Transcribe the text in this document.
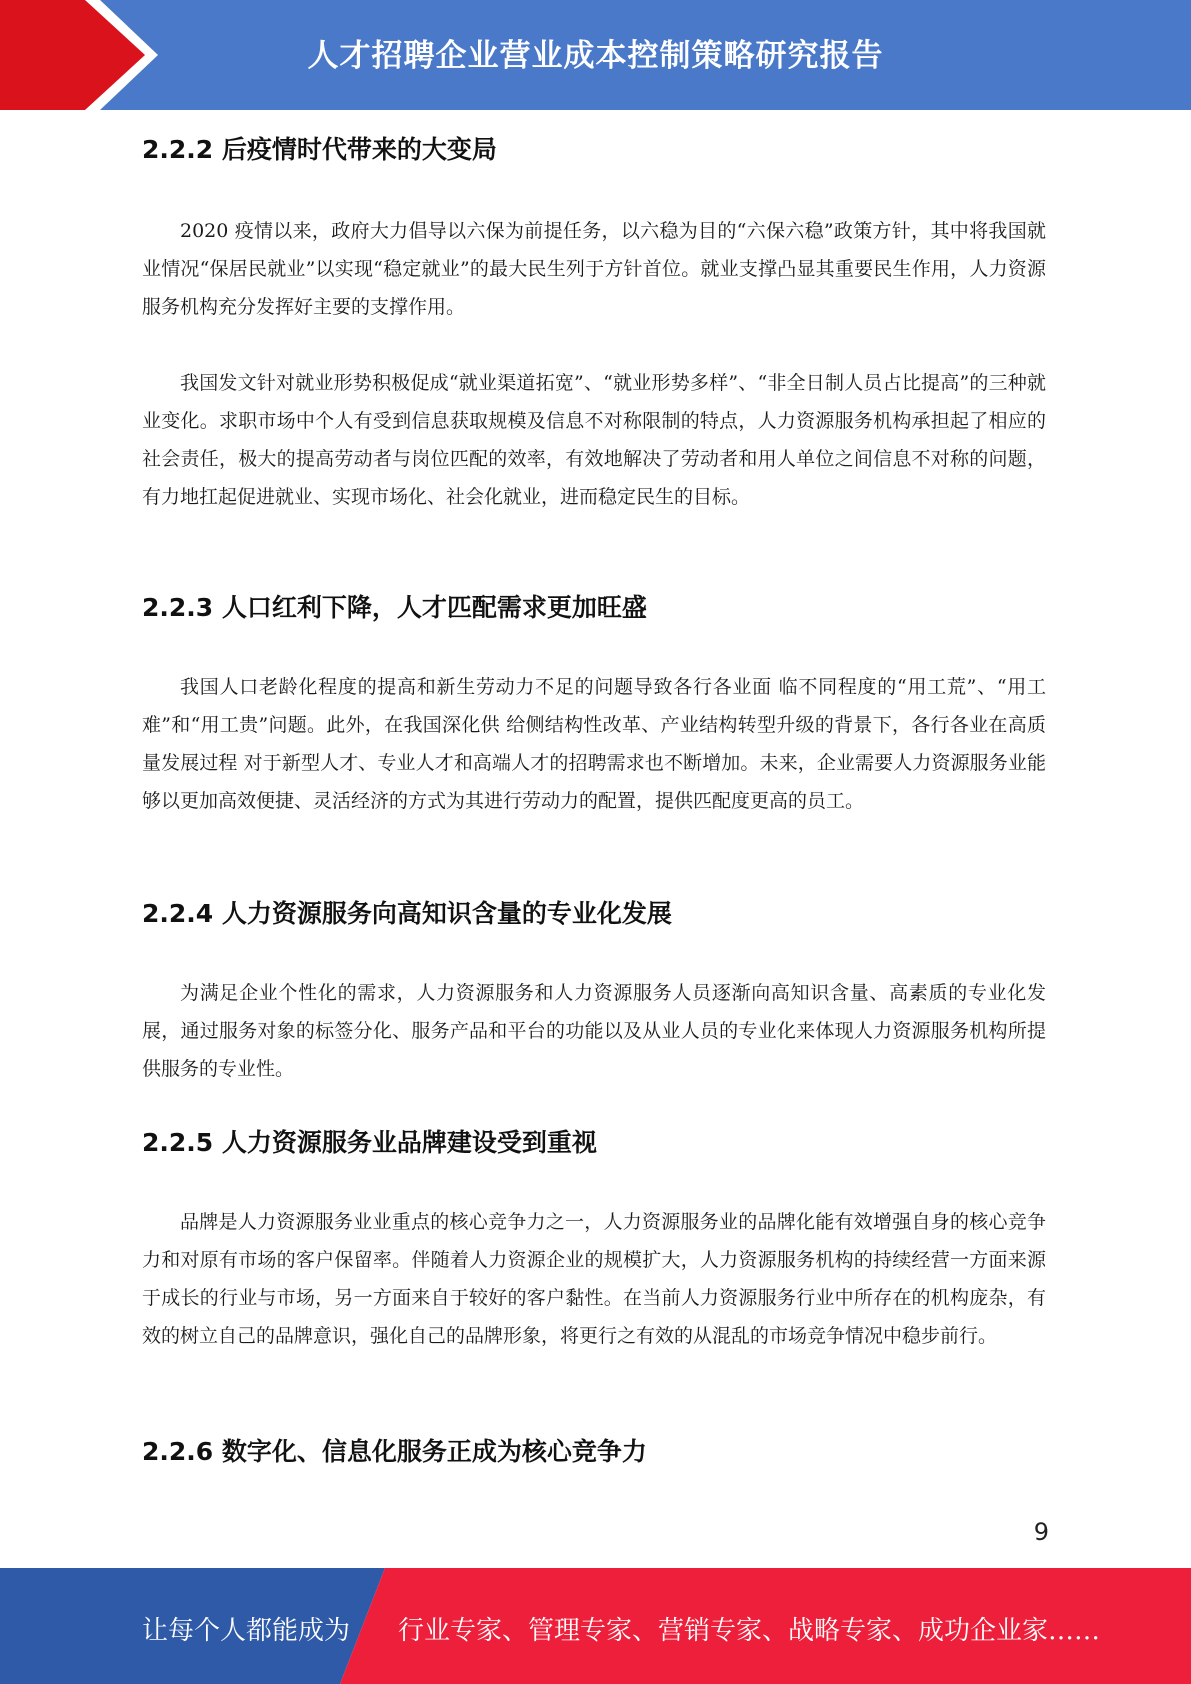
人才招聘企业营业成本控制策略研究报告
2.2.2 后疫情时代带来的大变局

2020 疫情以来，政府大力倡导以六保为前提任务，以六稳为目的“六保六稳”政策方针，其中将我国就业情况“保居民就业”以实现“稳定就业”的最大民生列于方针首位。就业支撑凸显其重要民生作用，人力资源服务机构充分发挥好主要的支撑作用。

我国发文针对就业形势积极促成“就业渠道拓宽”、“就业形势多样”、“非全日制人员占比提高”的三种就业变化。求职市场中个人有受到信息获取规模及信息不对称限制的特点，人力资源服务机构承担起了相应的社会责任，极大的提高劳动者与岗位匹配的效率，有效地解决了劳动者和用人单位之间信息不对称的问题，有力地扛起促进就业、实现市场化、社会化就业，进而稳定民生的目标。

2.2.3 人口红利下降，人才匹配需求更加旺盛

我国人口老龄化程度的提高和新生劳动力不足的问题导致各行各业面 临不同程度的“用工荒”、“用工难”和“用工贵”问题。此外，在我国深化供 给侧结构性改革、产业结构转型升级的背景下，各行各业在高质量发展过程 对于新型人才、专业人才和高端人才的招聘需求也不断增加。未来，企业需要人力资源服务业能够以更加高效便捷、灵活经济的方式为其进行劳动力的配置，提供匹配度更高的员工。

2.2.4 人力资源服务向高知识含量的专业化发展

为满足企业个性化的需求，人力资源服务和人力资源服务人员逐渐向高知识含量、高素质的专业化发展，通过服务对象的标签分化、服务产品和平台的功能以及从业人员的专业化来体现人力资源服务机构所提供服务的专业性。

2.2.5 人力资源服务业品牌建设受到重视

品牌是人力资源服务业业重点的核心竞争力之一，人力资源服务业的品牌化能有效增强自身的核心竞争力和对原有市场的客户保留率。伴随着人力资源企业的规模扩大，人力资源服务机构的持续经营一方面来源于成长的行业与市场，另一方面来自于较好的客户黏性。在当前人力资源服务行业中所存在的机构庞杂，有效的树立自己的品牌意识，强化自己的品牌形象，将更行之有效的从混乱的市场竞争情况中稳步前行。

2.2.6 数字化、信息化服务正成为核心竞争力
9
让每个人都能成为 行业专家、管理专家、营销专家、战略专家、成功企业家……
